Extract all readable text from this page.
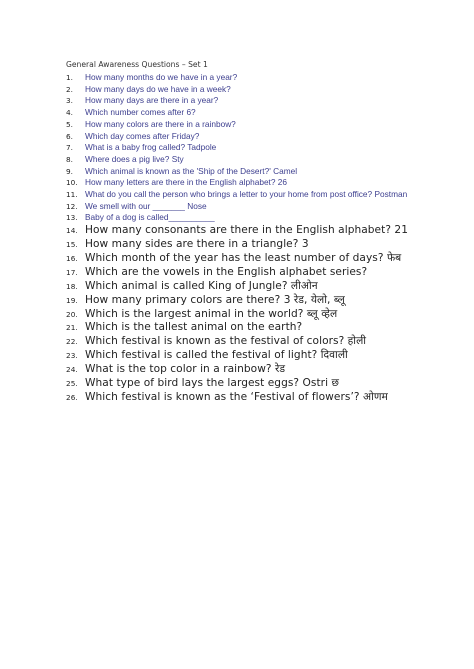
General Awareness Questions – Set 1
1.	How many months do we have in a year?
2.	How many days do we have in a week?
3.	How many days are there in a year?
4.	Which number comes after 6?
5.	How many colors are there in a rainbow?
6.	Which day comes after Friday?
7.	What is a baby frog called? Tadpole
8.	Where does a pig live? Sty
9.	Which animal is known as the 'Ship of the Desert?' Camel
10. How many letters are there in the English alphabet? 26
11. What do you call the person who brings a letter to your home from post office? Postman
12. We smell with our _______ Nose
13. Baby of a dog is called__________
14. How many consonants are there in the English alphabet? 21
15. How many sides are there in a triangle? 3
16. Which month of the year has the least number of days? फेब
17. Which are the vowels in the English alphabet series?
18. Which animal is called King of Jungle? लीओन
19. How many primary colors are there? 3 रेड, येलो, ब्लू
20. Which is the largest animal in the world? ब्लू व्हेल
21. Which is the tallest animal on the earth?
22. Which festival is known as the festival of colors? होली
23. Which festival is called the festival of light? दिवाली
24. What is the top color in a rainbow? रेड
25. What type of bird lays the largest eggs? Ostri छ
26. Which festival is known as the ‘Festival of flowers’? ओणम
